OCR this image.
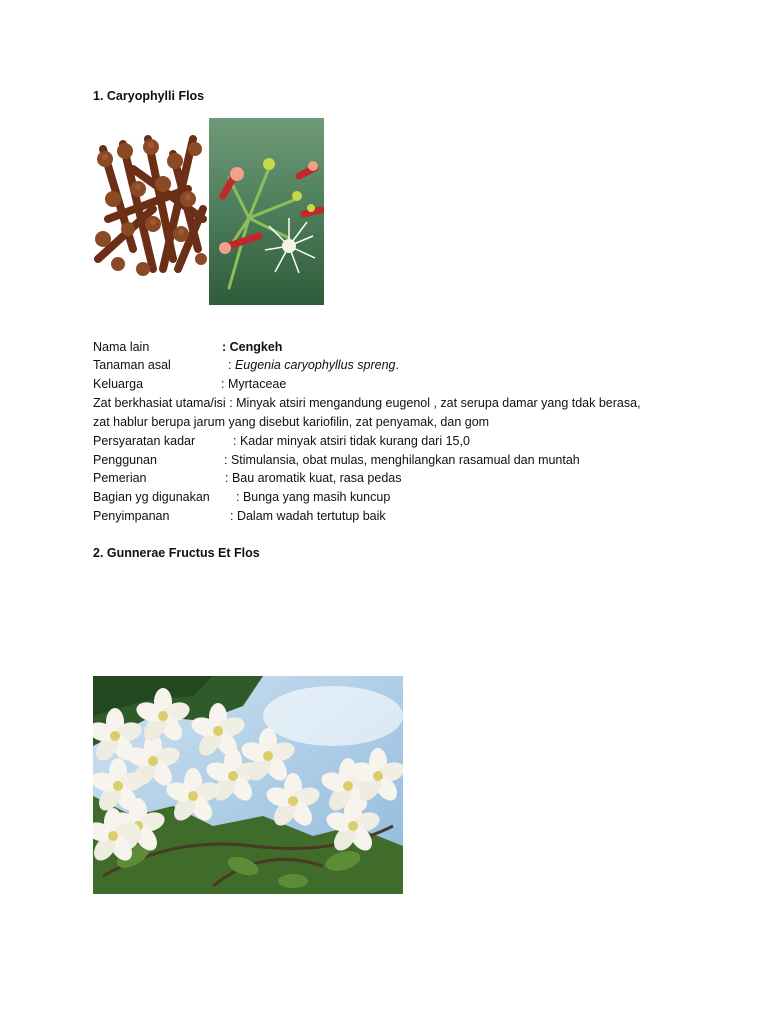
1. Caryophylli Flos
Nama lain	: Cengkeh
Tanaman asal	: Eugenia caryophyllus spreng.
Keluarga	: Myrtaceae
Zat berkhasiat utama/isi : Minyak atsiri mengandung eugenol , zat serupa damar yang tdak berasa,
zat hablur berupa jarum yang disebut kariofilin, zat penyamak, dan gom
Persyaratan kadar	: Kadar minyak atsiri tidak kurang dari 15,0
Penggunan	: Stimulansia, obat mulas, menghilangkan rasamual dan muntah
Pemerian	: Bau aromatik kuat, rasa pedas
Bagian yg digunakan : Bunga yang masih kuncup
Penyimpanan	: Dalam wadah tertutup baik
2. Gunnerae Fructus Et Flos
